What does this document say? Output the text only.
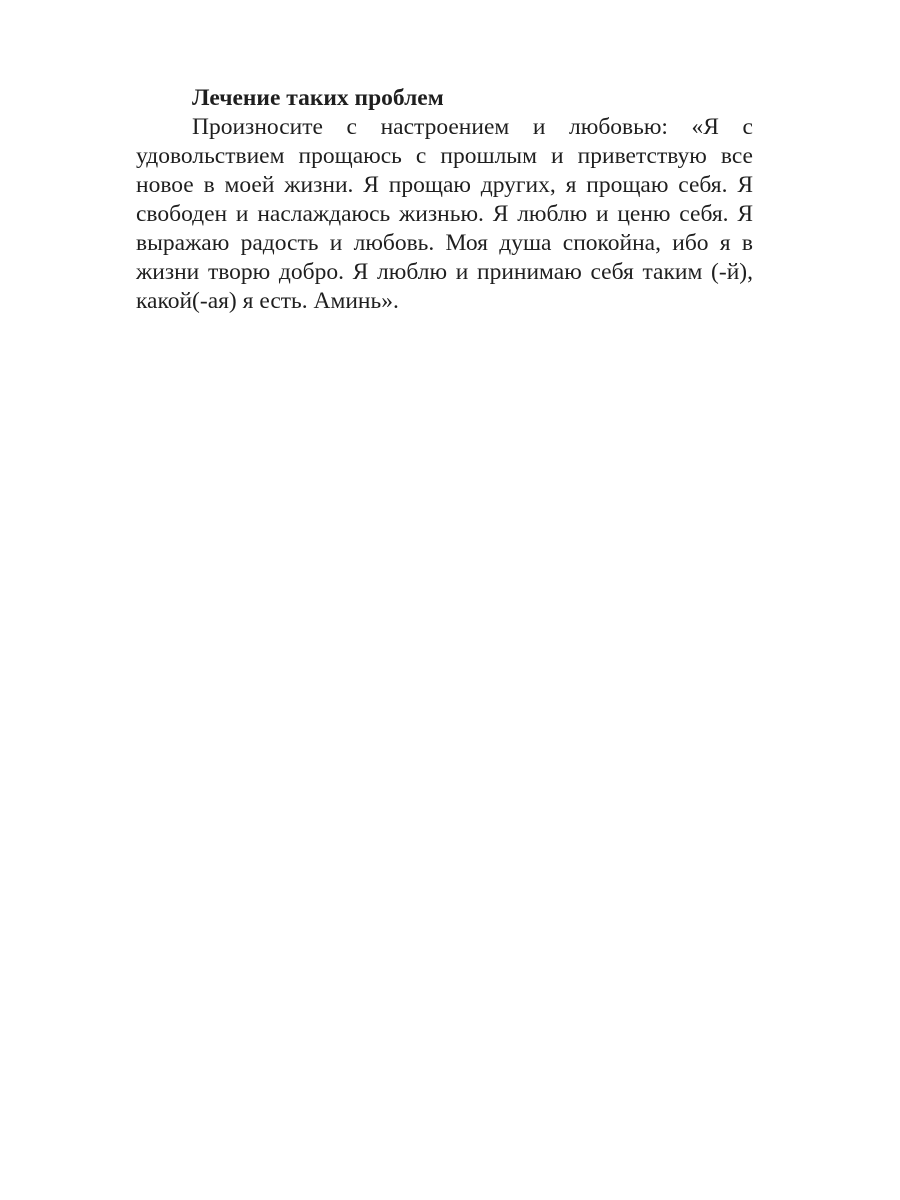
Лечение таких проблем

Произносите с настроением и любовью: «Я с удовольствием прощаюсь с прошлым и приветствую все новое в моей жизни. Я прощаю других, я прощаю себя. Я свободен и наслаждаюсь жизнью. Я люблю и ценю себя. Я выражаю радость и любовь. Моя душа спокойна, ибо я в жизни творю добро. Я люблю и принимаю себя таким (-й), какой(-ая) я есть. Аминь».
